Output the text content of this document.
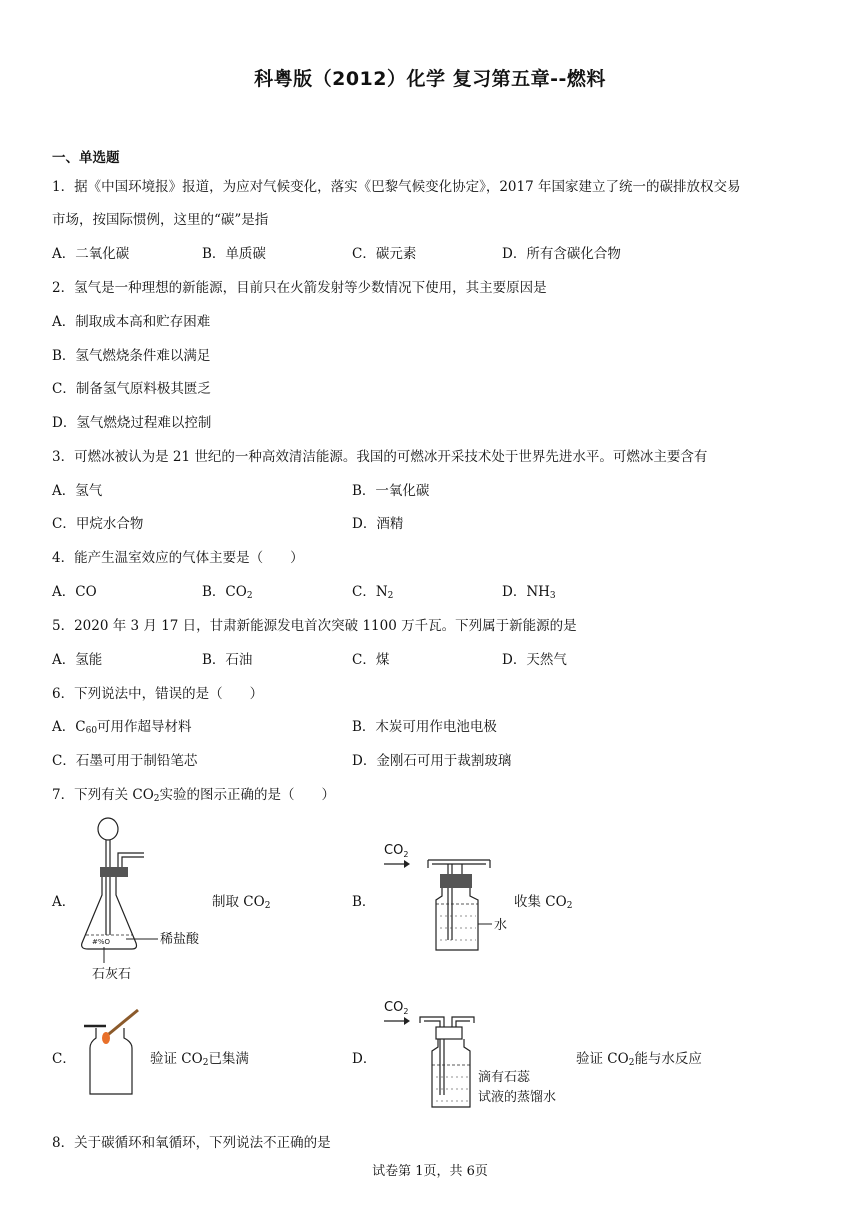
科粤版（2012）化学 复习第五章--燃料
一、单选题
1．据《中国环境报》报道，为应对气候变化，落实《巴黎气候变化协定》，2017 年国家建立了统一的碳排放权交易
市场，按国际惯例，这里的“碳”是指
A．二氧化碳	B．单质碳	C．碳元素	D．所有含碳化合物
2．氢气是一种理想的新能源，目前只在火箭发射等少数情况下使用，其主要原因是
A．制取成本高和贮存困难
B．氢气燃烧条件难以满足
C．制备氢气原料极其匮乏
D．氢气燃烧过程难以控制
3．可燃冰被认为是 21 世纪的一种高效清洁能源。我国的可燃冰开采技术处于世界先进水平。可燃冰主要含有
A．氢气	B．一氧化碳
C．甲烷水合物	D．酒精
4．能产生温室效应的气体主要是（　　）
A．CO	B．$CO_2$	C．$N_2$	D．$NH_3$
5．2020 年 3 月 17 日，甘肃新能源发电首次突破 1100 万千瓦。下列属于新能源的是
A．氢能	B．石油	C．煤	D．天然气
6．下列说法中，错误的是（　　）
A．$C_{60}$可用作超导材料	B．木炭可用作电池电极
C．石墨可用于制铅笔芯	D．金刚石可用于裁割玻璃
7．下列有关 $CO_2$实验的图示正确的是（　　）
A．
#%O	稀盐酸
石灰石
制取 $CO_2$	B．
$CO_2$
水
收集 $CO_2$
C．	验证 $CO_2$已集满	D．
$CO_2$
滴有石蕊
试液的蒸馏水
验证 $CO_2$能与水反应
8．关于碳循环和氧循环，下列说法不正确的是
试卷第 1页，共 6页
